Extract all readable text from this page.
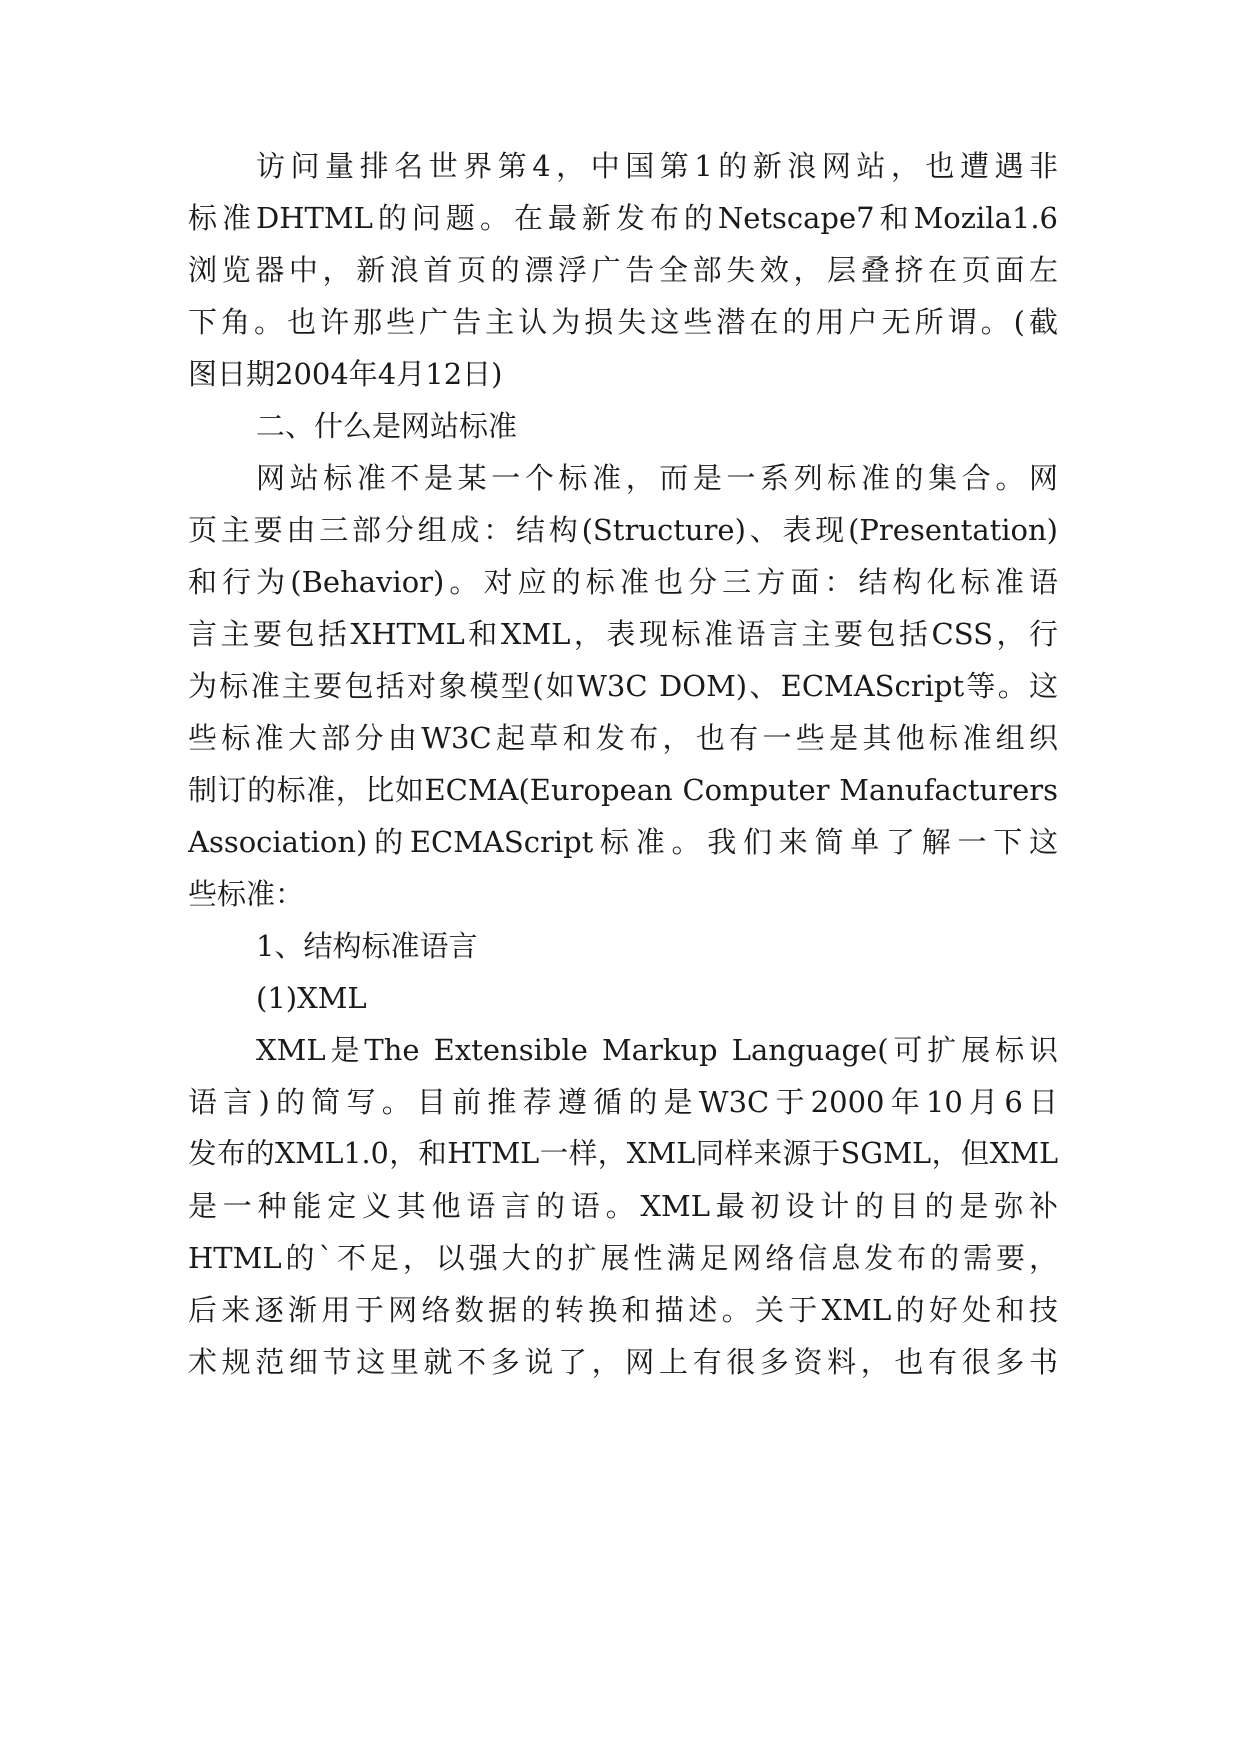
访问量排名世界第4，中国第1的新浪网站，也遭遇非
标准DHTML的问题。在最新发布的Netscape7和Mozila1.6
浏览器中，新浪首页的漂浮广告全部失效，层叠挤在页面左
下角。也许那些广告主认为损失这些潜在的用户无所谓。(截
图日期2004年4月12日)
二、什么是网站标准
网站标准不是某一个标准，而是一系列标准的集合。网
页主要由三部分组成：结构(Structure)、表现(Presentation)
和行为(Behavior)。对应的标准也分三方面：结构化标准语
言主要包括XHTML和XML，表现标准语言主要包括CSS，行
为标准主要包括对象模型(如W3C DOM)、ECMAScript等。这
些标准大部分由W3C起草和发布，也有一些是其他标准组织
制订的标准，比如ECMA(European Computer Manufacturers
Association)的ECMAScript标准。我们来简单了解一下这
些标准：
1、结构标准语言
(1)XML
XML是The Extensible Markup Language(可扩展标识
语言)的简写。目前推荐遵循的是W3C于2000年10月6日
发布的XML1.0，和HTML一样，XML同样来源于SGML，但XML
是一种能定义其他语言的语。XML最初设计的目的是弥补
HTML的`不足，以强大的扩展性满足网络信息发布的需要，
后来逐渐用于网络数据的转换和描述。关于XML的好处和技
术规范细节这里就不多说了，网上有很多资料，也有很多书
